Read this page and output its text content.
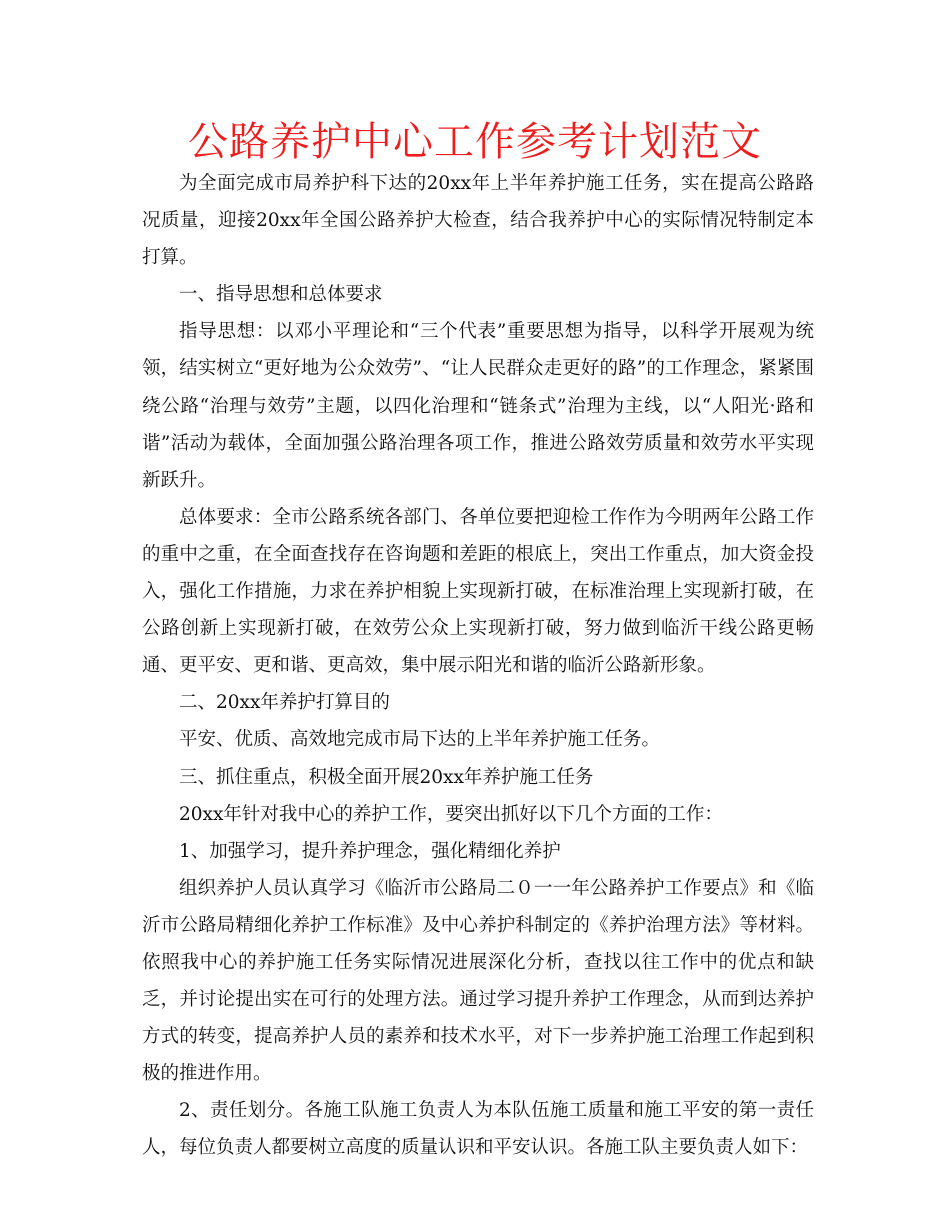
公路养护中心工作参考计划范文

为全面完成市局养护科下达的20xx年上半年养护施工任务，实在提高公路路况质量，迎接20xx年全国公路养护大检查，结合我养护中心的实际情况特制定本打算。

一、指导思想和总体要求

指导思想：以邓小平理论和“三个代表”重要思想为指导，以科学开展观为统领，结实树立“更好地为公众效劳”、“让人民群众走更好的路”的工作理念，紧紧围绕公路“治理与效劳”主题，以四化治理和“链条式”治理为主线，以“人阳光·路和谐”活动为载体，全面加强公路治理各项工作，推进公路效劳质量和效劳水平实现新跃升。

总体要求：全市公路系统各部门、各单位要把迎检工作作为今明两年公路工作的重中之重，在全面查找存在咨询题和差距的根底上，突出工作重点，加大资金投入，强化工作措施，力求在养护相貌上实现新打破，在标准治理上实现新打破，在公路创新上实现新打破，在效劳公众上实现新打破，努力做到临沂干线公路更畅通、更平安、更和谐、更高效，集中展示阳光和谐的临沂公路新形象。

二、20xx年养护打算目的

平安、优质、高效地完成市局下达的上半年养护施工任务。

三、抓住重点，积极全面开展20xx年养护施工任务

20xx年针对我中心的养护工作，要突出抓好以下几个方面的工作：

1、加强学习，提升养护理念，强化精细化养护

组织养护人员认真学习《临沂市公路局二０一一年公路养护工作要点》和《临沂市公路局精细化养护工作标准》及中心养护科制定的《养护治理方法》等材料。依照我中心的养护施工任务实际情况进展深化分析，查找以往工作中的优点和缺乏，并讨论提出实在可行的处理方法。通过学习提升养护工作理念，从而到达养护方式的转变，提高养护人员的素养和技术水平，对下一步养护施工治理工作起到积极的推进作用。

2、责任划分。各施工队施工负责人为本队伍施工质量和施工平安的第一责任人，每位负责人都要树立高度的质量认识和平安认识。各施工队主要负责人如下：
